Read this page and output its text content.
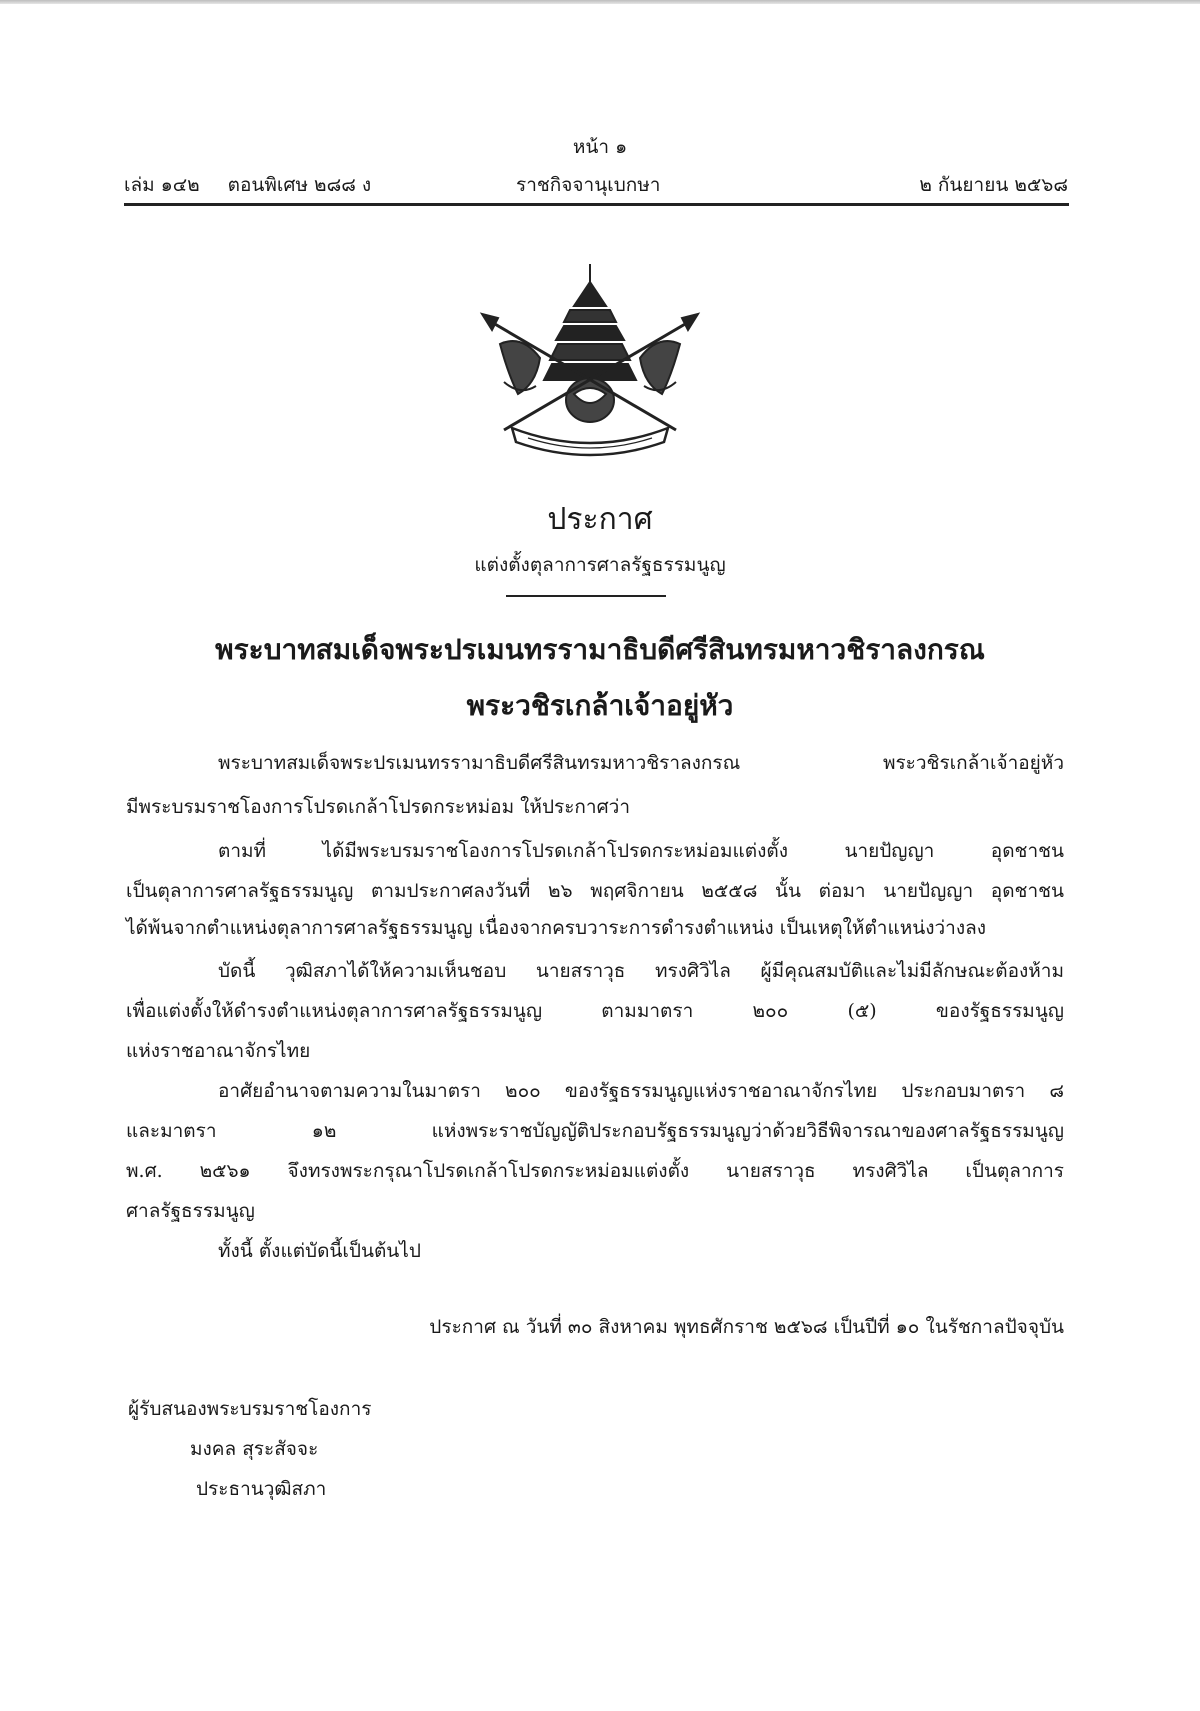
หน้า ๑
เล่ม ๑๔๒ ตอนพิเศษ ๒๘๘ ง	ราชกิจจานุเบกษา	๒ กันยายน ๒๕๖๘
ประกาศ
แต่งตั้งตุลาการศาลรัฐธรรมนูญ
พระบาทสมเด็จพระปรเมนทรรามาธิบดีศรีสินทรมหาวชิราลงกรณ
พระวชิรเกล้าเจ้าอยู่หัว
พระบาทสมเด็จพระปรเมนทรรามาธิบดีศรีสินทรมหาวชิราลงกรณ พระวชิรเกล้าเจ้าอยู่หัว
มีพระบรมราชโองการโปรดเกล้าโปรดกระหม่อม ให้ประกาศว่า
ตามที่ ได้มีพระบรมราชโองการโปรดเกล้าโปรดกระหม่อมแต่งตั้ง นายปัญญา อุดชาชน
เป็นตุลาการศาลรัฐธรรมนูญ ตามประกาศลงวันที่ ๒๖ พฤศจิกายน ๒๕๕๘ นั้น ต่อมา นายปัญญา อุดชาชน
ได้พ้นจากตำแหน่งตุลาการศาลรัฐธรรมนูญ เนื่องจากครบวาระการดำรงตำแหน่ง เป็นเหตุให้ตำแหน่งว่างลง
บัดนี้ วุฒิสภาได้ให้ความเห็นชอบ นายสราวุธ ทรงศิวิไล ผู้มีคุณสมบัติและไม่มีลักษณะต้องห้าม
เพื่อแต่งตั้งให้ดำรงตำแหน่งตุลาการศาลรัฐธรรมนูญ ตามมาตรา ๒๐๐ (๕) ของรัฐธรรมนูญ
แห่งราชอาณาจักรไทย
อาศัยอำนาจตามความในมาตรา ๒๐๐ ของรัฐธรรมนูญแห่งราชอาณาจักรไทย ประกอบมาตรา ๘
และมาตรา ๑๒ แห่งพระราชบัญญัติประกอบรัฐธรรมนูญว่าด้วยวิธีพิจารณาของศาลรัฐธรรมนูญ
พ.ศ. ๒๕๖๑ จึงทรงพระกรุณาโปรดเกล้าโปรดกระหม่อมแต่งตั้ง นายสราวุธ ทรงศิวิไล เป็นตุลาการ
ศาลรัฐธรรมนูญ
ทั้งนี้ ตั้งแต่บัดนี้เป็นต้นไป
ประกาศ ณ วันที่ ๓๐ สิงหาคม พุทธศักราช ๒๕๖๘ เป็นปีที่ ๑๐ ในรัชกาลปัจจุบัน
ผู้รับสนองพระบรมราชโองการ
มงคล สุระสัจจะ
ประธานวุฒิสภา
